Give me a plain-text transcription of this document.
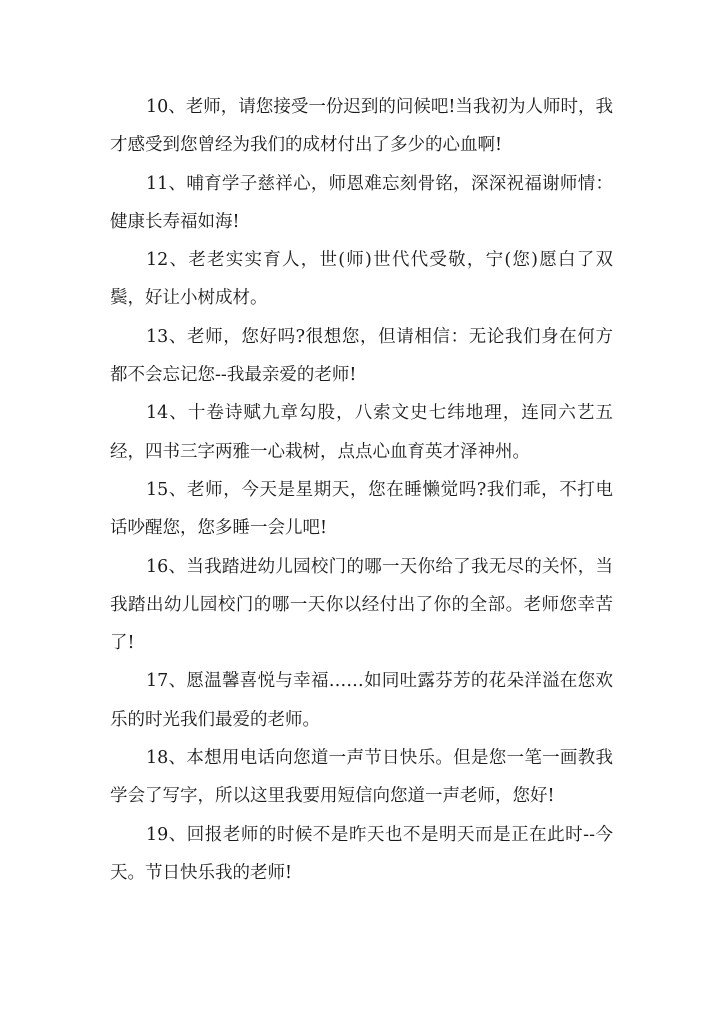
10、老师，请您接受一份迟到的问候吧!当我初为人师时，我才感受到您曾经为我们的成材付出了多少的心血啊!

11、哺育学子慈祥心，师恩难忘刻骨铭，深深祝福谢师情：健康长寿福如海!

12、老老实实育人，世(师)世代代受敬，宁(您)愿白了双鬓，好让小树成材。

13、老师，您好吗?很想您，但请相信：无论我们身在何方都不会忘记您--我最亲爱的老师!

14、十卷诗赋九章勾股，八索文史七纬地理，连同六艺五经，四书三字两雅一心栽树，点点心血育英才泽神州。

15、老师，今天是星期天，您在睡懒觉吗?我们乖，不打电话吵醒您，您多睡一会儿吧!

16、当我踏进幼儿园校门的哪一天你给了我无尽的关怀，当我踏出幼儿园校门的哪一天你以经付出了你的全部。老师您幸苦了!

17、愿温馨喜悦与幸福……如同吐露芬芳的花朵洋溢在您欢乐的时光我们最爱的老师。

18、本想用电话向您道一声节日快乐。但是您一笔一画教我学会了写字，所以这里我要用短信向您道一声老师，您好!

19、回报老师的时候不是昨天也不是明天而是正在此时--今天。节日快乐我的老师!
